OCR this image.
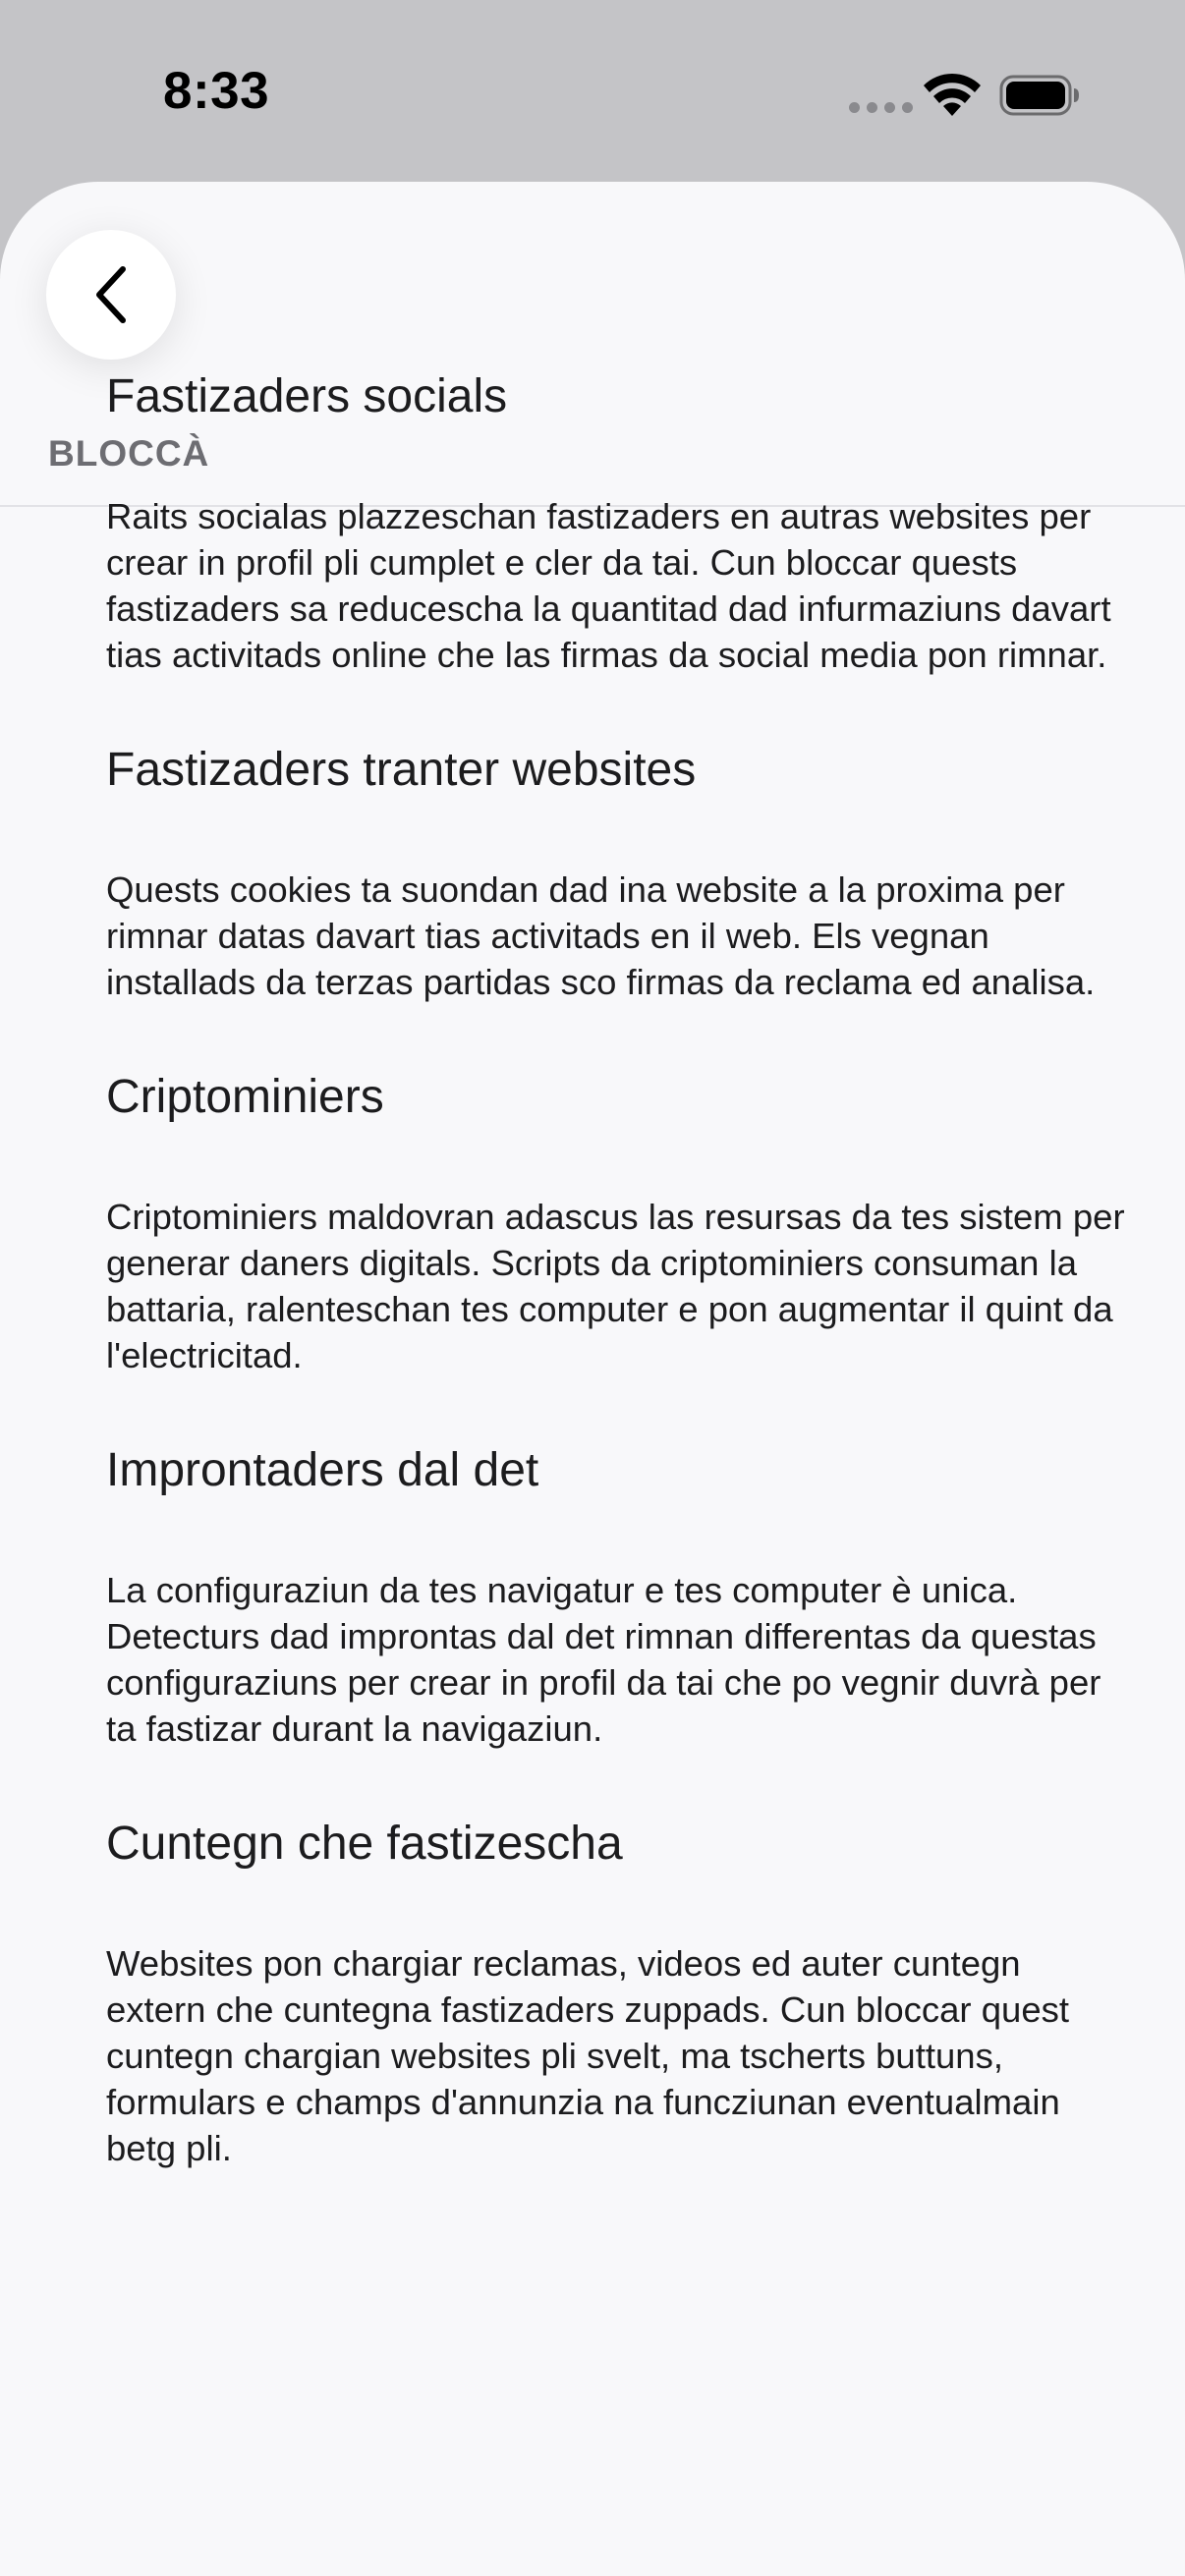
8:33
BLOCCÀ

Fastizaders socials

Raits socialas plazzeschan fastizaders en autras websites per crear in profil pli cumplet e cler da tai. Cun bloccar quests fastizaders sa reducescha la quantitad dad infurmaziuns davart tias activitads online che las firmas da social media pon rimnar.

Fastizaders tranter websites

Quests cookies ta suondan dad ina website a la proxima per rimnar datas davart tias activitads en il web. Els vegnan installads da terzas partidas sco firmas da reclama ed analisa.

Criptominiers

Criptominiers maldovran adascus las resursas da tes sistem per generar daners digitals. Scripts da criptominiers consuman la battaria, ralenteschan tes computer e pon augmentar il quint da l'electricitad.

Improntaders dal det

La configuraziun da tes navigatur e tes computer è unica. Detecturs dad improntas dal det rimnan differentas da questas configuraziuns per crear in profil da tai che po vegnir duvrà per ta fastizar durant la navigaziun.

Cuntegn che fastizescha

Websites pon chargiar reclamas, videos ed auter cuntegn extern che cuntegna fastizaders zuppads. Cun bloccar quest cuntegn chargian websites pli svelt, ma tscherts buttuns, formulars e champs d'annunzia na funcziunan eventualmain betg pli.
